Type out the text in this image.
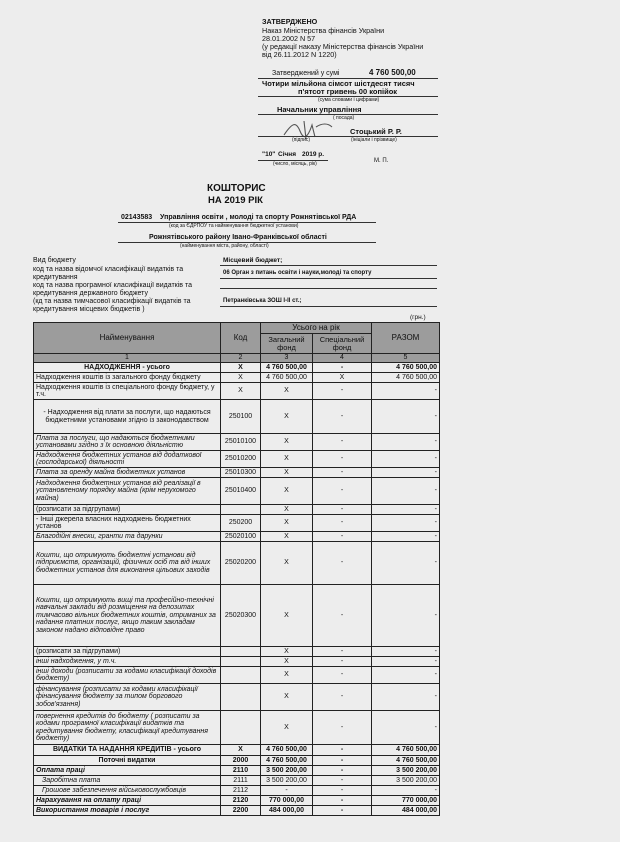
ЗАТВЕРДЖЕНО
Наказ Міністерства фінансів України
28.01.2002 N 57
(у редакції наказу Міністерства фінансів України
від 26.11.2012 N 1220)
Затверджений у сумі	4 760 500,00
Чотири мільйона сімсот шістдесят тисяч
п'ятсот гривень 00 копійок
(сума словами і цифрами)
Начальник управління
( посада)
Стоцький Р. Р.
(підпис)	(ініціали і прізвище)
"10" Січня 2019 р.
(число, місяць, рік)	М. П.
КОШТОРИС
НА 2019 РІК
02143583 Управління освіти , молоді та спорту Рожнятівської РДА
(код за ЄДРПОУ та найменування бюджетної установи)
Рожнятівського району Івано-Франківської області
(найменування міста, району, області)
Вид бюджету
код та назва відомчої класифікації видатків та
кредитування
код та назва програмної класифікації видатків та
кредитування державного бюджету
(кд та назва тимчасової класифікації видатків та
кредитування місцевих бюджетів )
Місцевий бюджет;
06 Орган з питань освіти і науки,молоді та спорту
Петранківська ЗОШ І-ІІ ст.;
(грн.)
Найменування	Код	Усього на рік		РАЗОМ
		Загальний фонд	Спеціальний фонд	
1	2	3	4	5
НАДХОДЖЕННЯ - усього	X	4 760 500,00	-	4 760 500,00
Надходження коштів із загального фонду бюджету	X	4 760 500,00	X	4 760 500,00
Надходження коштів із спеціального фонду бюджету, у т.ч.	X	X	-	-
- Надходження від плати за послуги, що надаються бюджетними установами згідно із законодавством	250100	X	-	-
Плата за послуги, що надаються бюджетними установами згідно з їх основною діяльністю	25010100	X	-	-
Надходження бюджетних установ від додаткової (господарської) діяльності	25010200	X	-	-
Плата за оренду майна бюджетних установ	25010300	X	-	-
Надходження бюджетних установ від реалізації в установленому порядку майна (крім нерухомого майна)	25010400	X	-	-
(розписати за підгрупами)		X	-	-
- Інші джерела власних надходжень бюджетних установ	250200	X	-	-
Благодійні внески, гранти та дарунки	25020100	X	-	-
Кошти, що отримують бюджетні установи від підприємств, організацій, фізичних осіб та від інших бюджетних установ для виконання цільових заходів	25020200	X	-	-
Кошти, що отримують вищі та професійно-технічні навчальні заклади від розміщення на депозитах тимчасово вільних бюджетних коштів, отриманих за надання платних послуг, якщо таким закладам законом надано відповідне право	25020300	X	-	-
(розписати за підгрупами)		X	-	-
інші надходження, у т.ч.		X	-	-
інші доходи (розписати за кодами класифікації доходів бюджету)		X	-	-
фінансування (розписати за кодами класифікації фінансування бюджету за типом боргового зобов'язання)		X	-	-
повернення кредитів до бюджету ( розписати за кодами програмної класифікації видатків та кредитування бюджету, класифікації кредитування бюджету)		X	-	-
ВИДАТКИ ТА НАДАННЯ КРЕДИТІВ - усього	X	4 760 500,00	-	4 760 500,00
Поточні видатки	2000	4 760 500,00	-	4 760 500,00
Оплата праці	2110	3 500 200,00	-	3 500 200,00
Заробітна плата	2111	3 500 200,00	-	3 500 200,00
Грошове забезпечення військовослужбовців	2112	-	-	-
Нарахування на оплату праці	2120	770 000,00	-	770 000,00
Використання товарів і послуг	2200	484 000,00	-	484 000,00
